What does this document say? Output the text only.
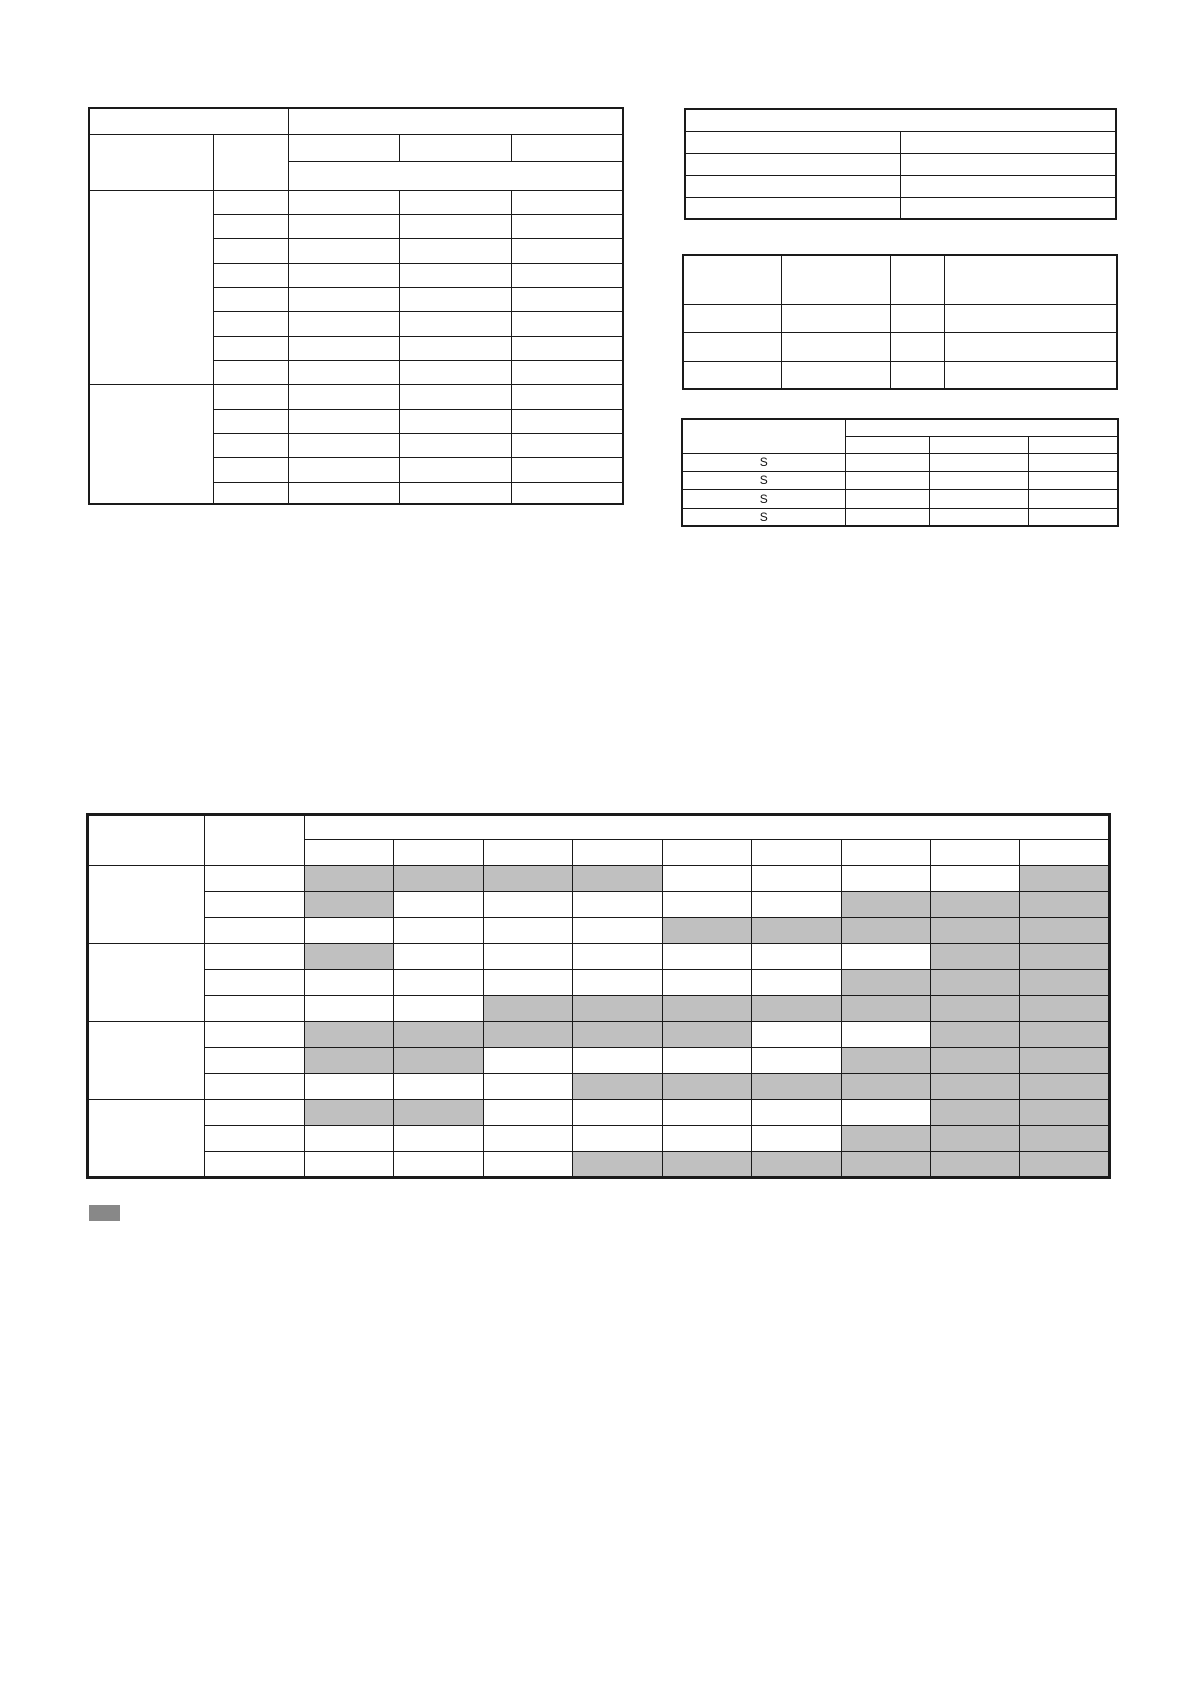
S			
S			
S			
S			
